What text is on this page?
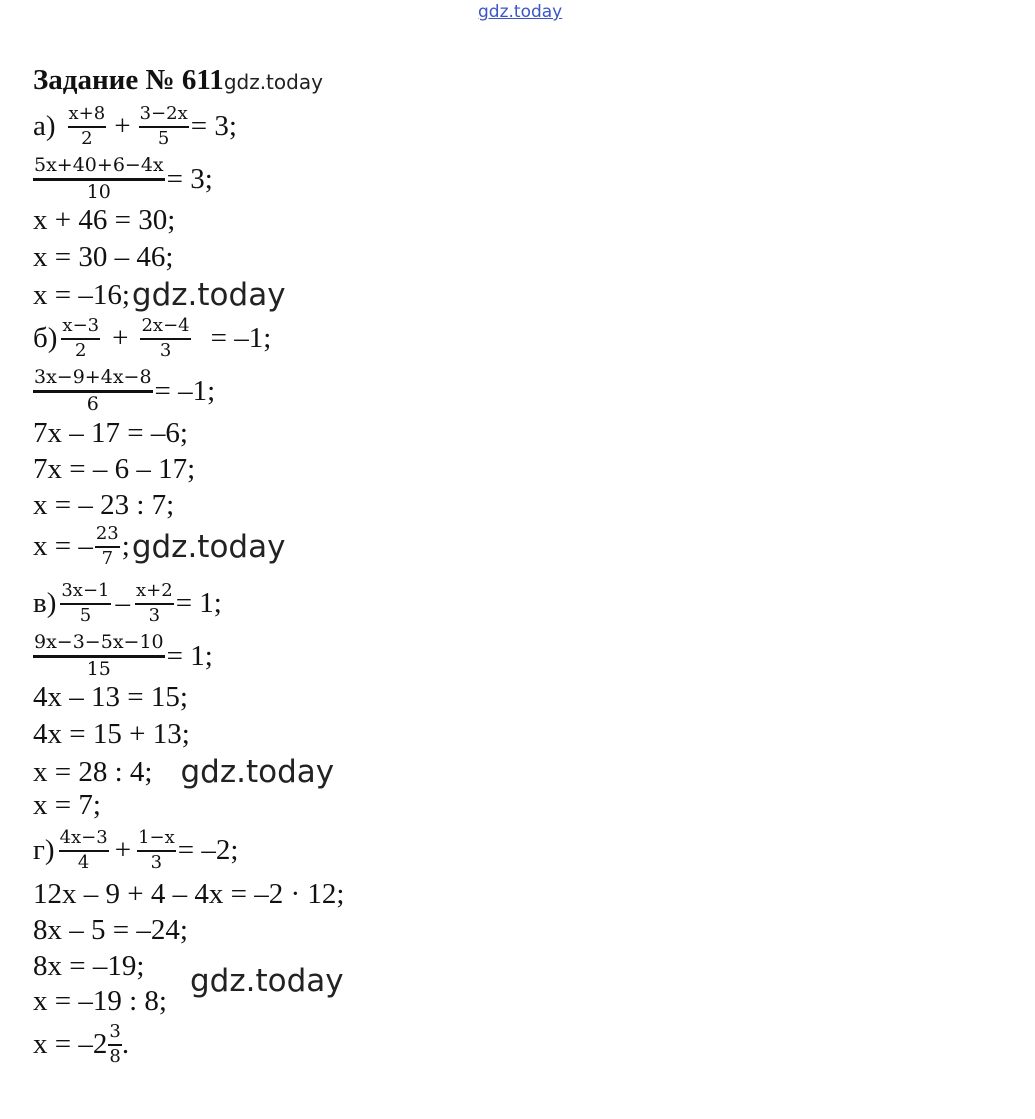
gdz.today
Задание № 611gdz.today
$а) \frac{x+8}{2} + \frac{3-2x}{5} = 3$;
$\frac{5x+40+6-4x}{10} = 3$;
x + 46 = 30;
x = 30 – 46;
x = –16; gdz.today
$б) \frac{x-3}{2} + \frac{2x-4}{3} = -1$;
$\frac{3x-9+4x-8}{6} = -1$;
7x – 17 = –6;
7x = – 6 – 17;
x = – 23 : 7;
x = – $\frac{23}{7}$ ; gdz.today
$в) \frac{3x-1}{5} - \frac{x+2}{3} = 1$;
$\frac{9x-3-5x-10}{15} = 1$;
4x – 13 = 15;
4x = 15 + 13;
x = 28 : 4; gdz.today
x = 7;
$г) \frac{4x-3}{4} + \frac{1-x}{3} = -2$;
12x – 9 + 4 – 4x = –2 · 12;
8x – 5 = –24;
8x = –19;
x = –19 : 8;
gdz.today
$x = -2 \frac{3}{8}$ .
